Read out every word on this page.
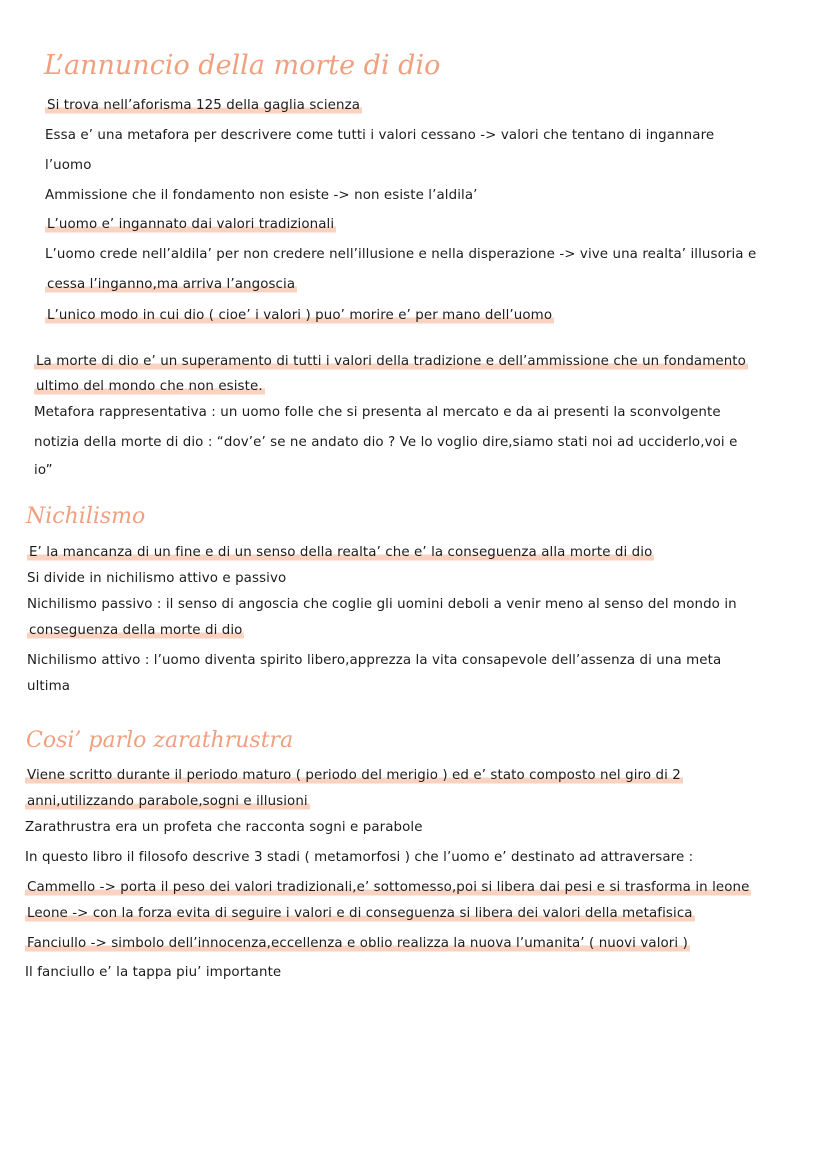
L’annuncio della morte di dio

Si trova nell’aforisma 125 della gaglia scienza

Essa e’ una metafora per descrivere come tutti i valori cessano -> valori che tentano di ingannare

l’uomo

Ammissione che il fondamento non esiste -> non esiste l’aldila’

L’uomo e’ ingannato dai valori tradizionali

L’uomo crede nell’aldila’ per non credere nell’illusione e nella disperazione -> vive una realta’ illusoria e

cessa l’inganno,ma arriva l’angoscia

L’unico modo in cui dio ( cioe’ i valori ) puo’ morire e’ per mano dell’uomo

La morte di dio e’ un superamento di tutti i valori della tradizione e dell’ammissione che un fondamento

ultimo del mondo che non esiste.

Metafora rappresentativa : un uomo folle che si presenta al mercato e da ai presenti la sconvolgente

notizia della morte di dio : “dov’e’ se ne andato dio ? Ve lo voglio dire,siamo stati noi ad ucciderlo,voi e

io”

Nichilismo

E’ la mancanza di un fine e di un senso della realta’ che e’ la conseguenza alla morte di dio

Si divide in nichilismo attivo e passivo

Nichilismo passivo : il senso di angoscia che coglie gli uomini deboli a venir meno al senso del mondo in

conseguenza della morte di dio

Nichilismo attivo : l’uomo diventa spirito libero,apprezza la vita consapevole dell’assenza di una meta

ultima

Cosi’ parlo zarathrustra

Viene scritto durante il periodo maturo ( periodo del merigio ) ed e’ stato composto nel giro di 2

anni,utilizzando parabole,sogni e illusioni

Zarathrustra era un profeta che racconta sogni e parabole

In questo libro il filosofo descrive 3 stadi ( metamorfosi ) che l’uomo e’ destinato ad attraversare :

Cammello -> porta il peso dei valori tradizionali,e’ sottomesso,poi si libera dai pesi e si trasforma in leone

Leone -> con la forza evita di seguire i valori e di conseguenza si libera dei valori della metafisica

Fanciullo -> simbolo dell’innocenza,eccellenza e oblio realizza la nuova l’umanita’ ( nuovi valori )

Il fanciullo e’ la tappa piu’ importante
